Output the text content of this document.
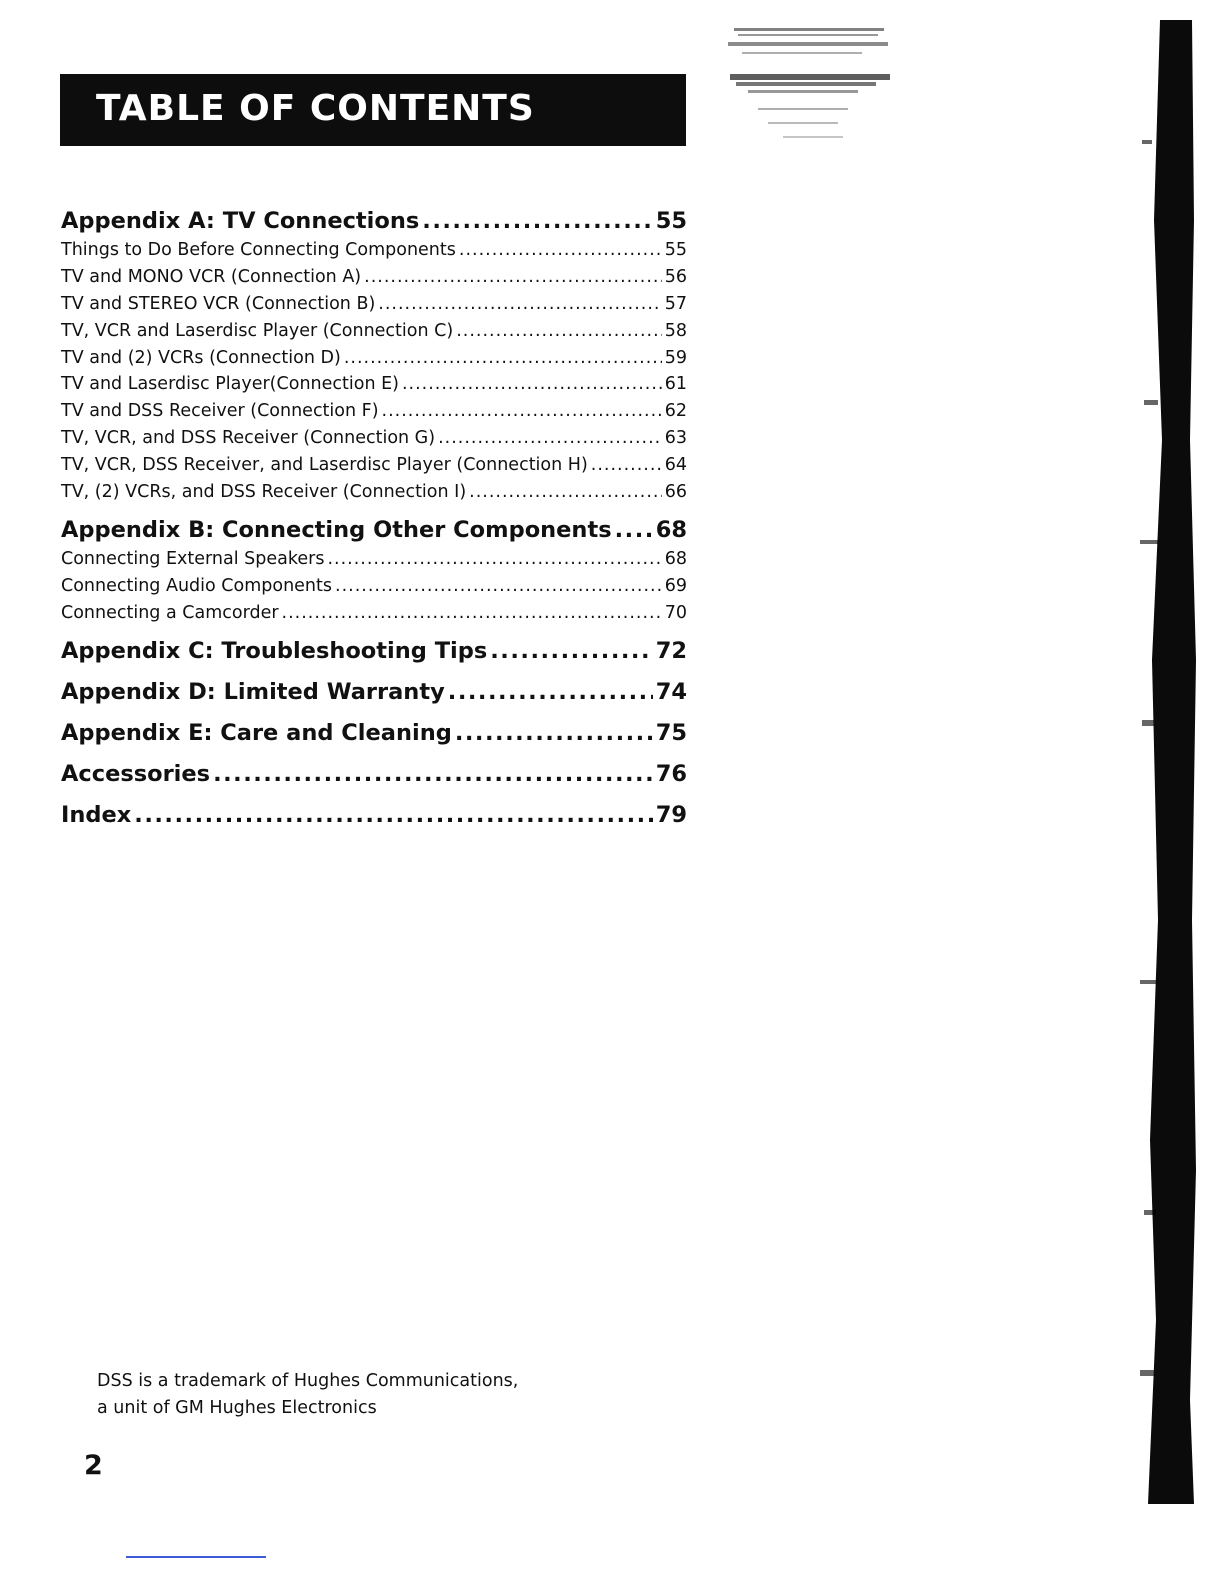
TABLE OF CONTENTS
Appendix A: TV Connections .....	55
Things to Do Before Connecting Components .....	55
TV and MONO VCR (Connection A) .....	56
TV and STEREO VCR (Connection B) .....	57
TV, VCR and Laserdisc Player (Connection C) .....	58
TV and (2) VCRs (Connection D) .....	59
TV and Laserdisc Player(Connection E) .....	61
TV and DSS Receiver (Connection F) .....	62
TV, VCR, and DSS Receiver (Connection G) .....	63
TV, VCR, DSS Receiver, and Laserdisc Player (Connection H) .....	64
TV, (2) VCRs, and DSS Receiver (Connection I) .....	66
Appendix B: Connecting Other Components ..... 68
Connecting External Speakers .....	68
Connecting Audio Components .....	69
Connecting a Camcorder .....	70
Appendix C: Troubleshooting Tips .....	72
Appendix D: Limited Warranty .....	74
Appendix E: Care and Cleaning .....	75
Accessories .....	76
Index .....	79
DSS is a trademark of Hughes Communications,
a unit of GM Hughes Electronics
2
